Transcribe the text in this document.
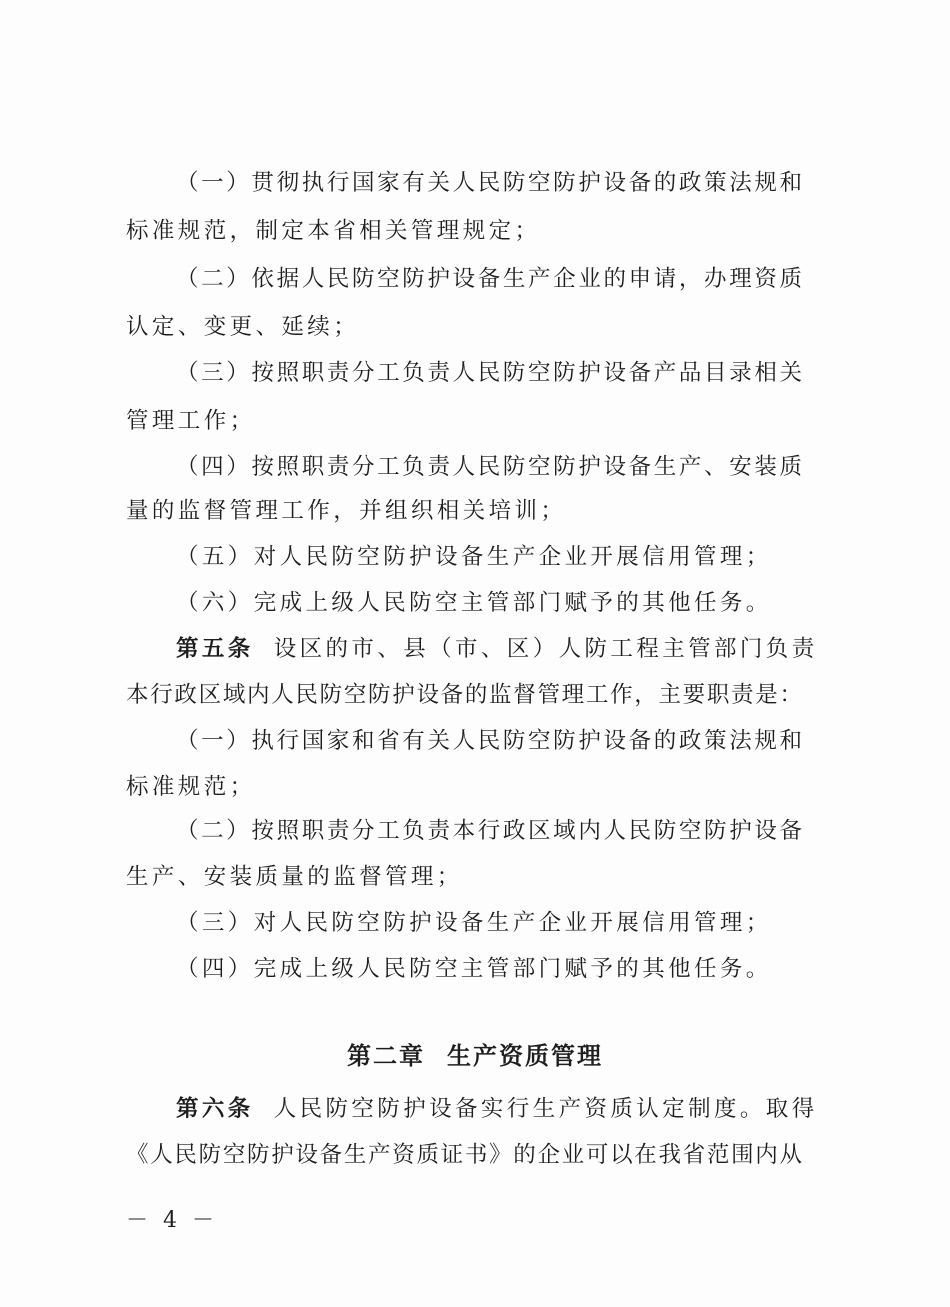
（一）贯彻执行国家有关人民防空防护设备的政策法规和
标准规范，制定本省相关管理规定；
（二）依据人民防空防护设备生产企业的申请，办理资质
认定、变更、延续；
（三）按照职责分工负责人民防空防护设备产品目录相关
管理工作；
（四）按照职责分工负责人民防空防护设备生产、安装质
量的监督管理工作，并组织相关培训；
（五）对人民防空防护设备生产企业开展信用管理；
（六）完成上级人民防空主管部门赋予的其他任务。
第五条 设区的市、县（市、区）人防工程主管部门负责
本行政区域内人民防空防护设备的监督管理工作，主要职责是：
（一）执行国家和省有关人民防空防护设备的政策法规和
标准规范；
（二）按照职责分工负责本行政区域内人民防空防护设备
生产、安装质量的监督管理；
（三）对人民防空防护设备生产企业开展信用管理；
（四）完成上级人民防空主管部门赋予的其他任务。
第二章 生产资质管理
第六条 人民防空防护设备实行生产资质认定制度。取得
《人民防空防护设备生产资质证书》的企业可以在我省范围内从
－ 4 －
